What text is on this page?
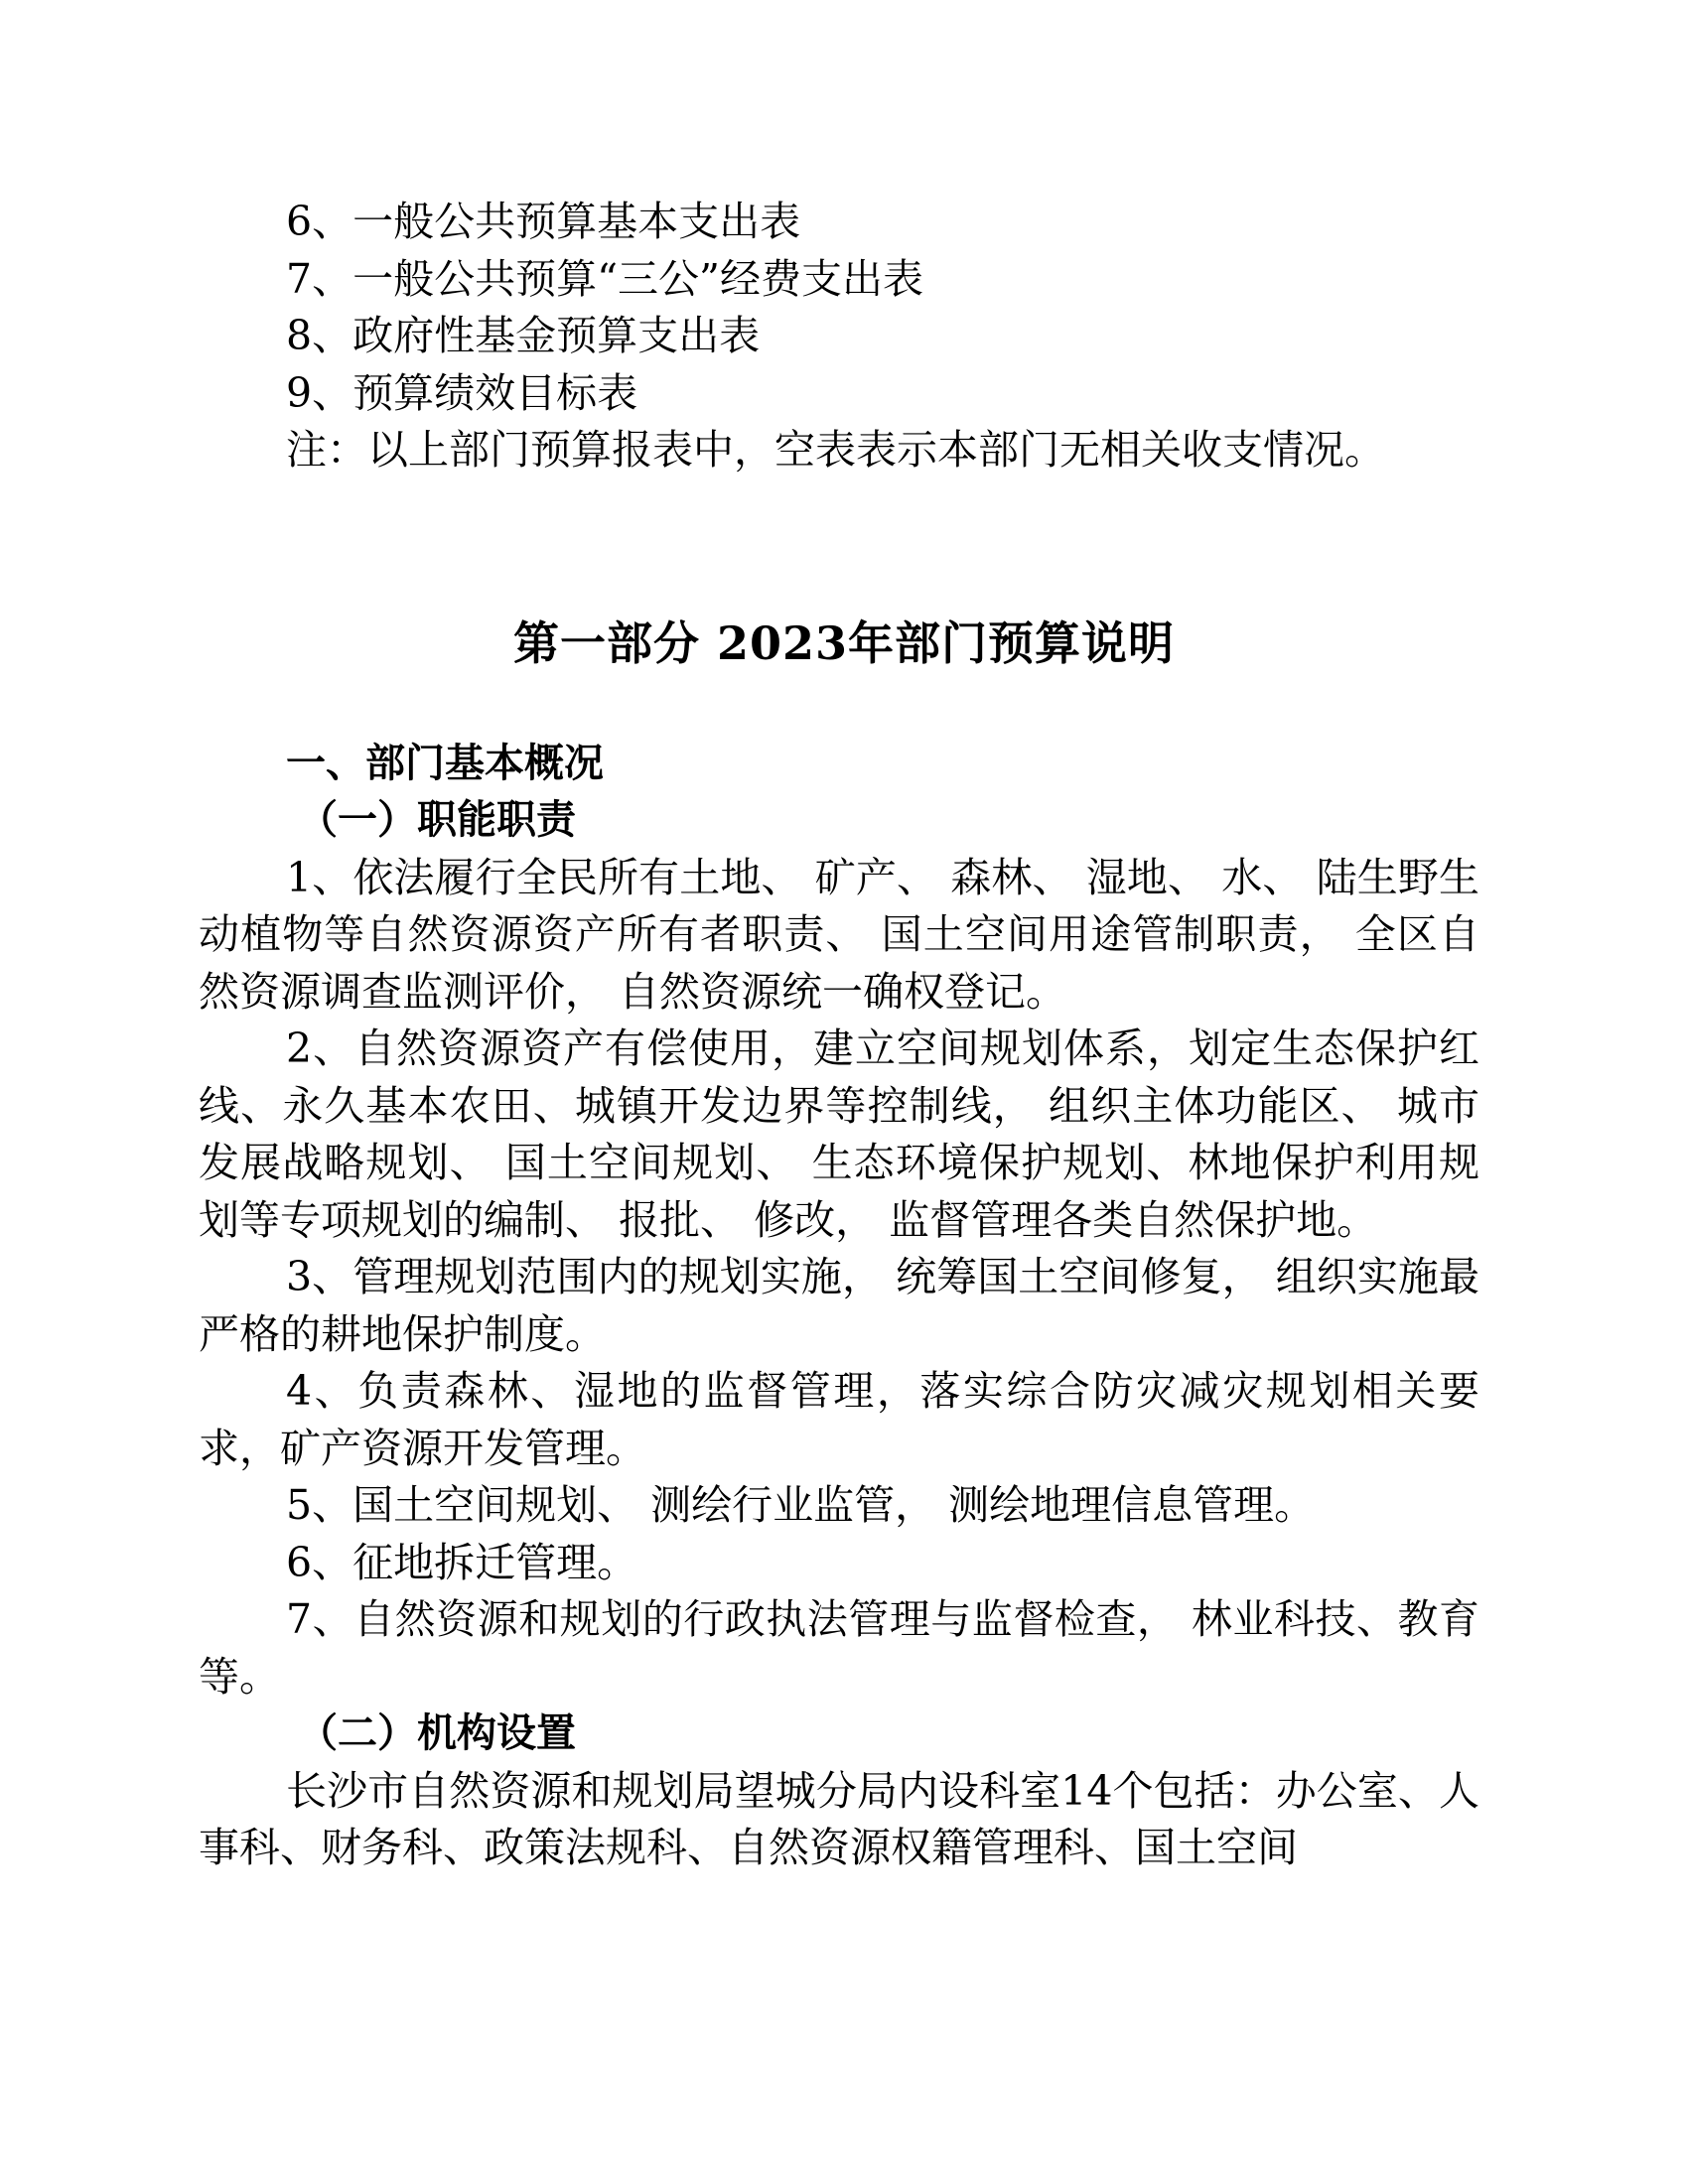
6、一般公共预算基本支出表
7、一般公共预算“三公”经费支出表
8、政府性基金预算支出表
9、预算绩效目标表
注：以上部门预算报表中，空表表示本部门无相关收支情况。
第一部分 2023年部门预算说明
一、部门基本概况
（一）职能职责
1、依法履行全民所有土地、 矿产、 森林、 湿地、 水、 陆生野生动植物等自然资源资产所有者职责、 国土空间用途管制职责， 全区自然资源调查监测评价， 自然资源统一确权登记。
2、自然资源资产有偿使用，建立空间规划体系，划定生态保护红线、永久基本农田、城镇开发边界等控制线， 组织主体功能区、 城市发展战略规划、 国土空间规划、 生态环境保护规划、林地保护利用规划等专项规划的编制、 报批、 修改， 监督管理各类自然保护地。
3、管理规划范围内的规划实施， 统筹国土空间修复， 组织实施最严格的耕地保护制度。
4、负责森林、湿地的监督管理，落实综合防灾减灾规划相关要求，矿产资源开发管理。
5、国土空间规划、 测绘行业监管， 测绘地理信息管理。
6、征地拆迁管理。
7、自然资源和规划的行政执法管理与监督检查， 林业科技、教育等。
（二）机构设置
长沙市自然资源和规划局望城分局内设科室14个包括：办公室、人事科、财务科、政策法规科、自然资源权籍管理科、国土空间
